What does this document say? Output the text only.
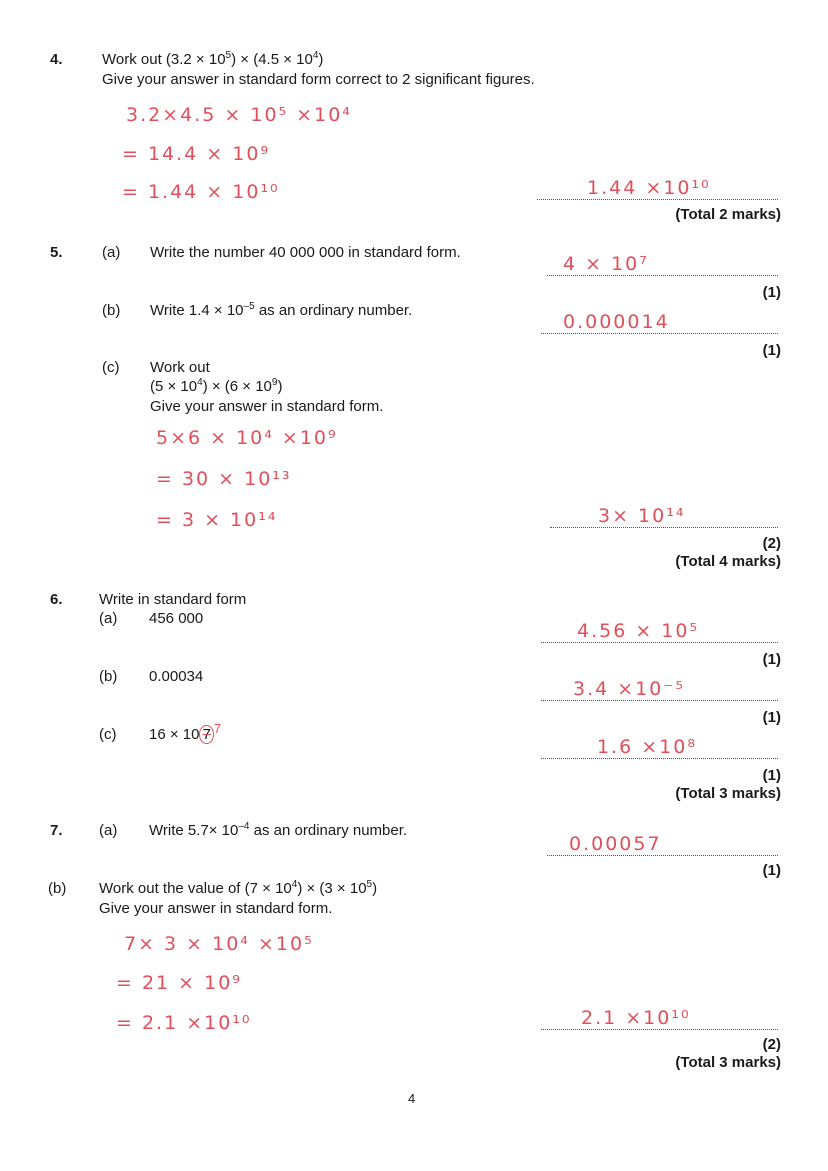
4.	Work out $(3.2 \times 10^5) \times (4.5 \times 10^4)$
Give your answer in standard form correct to 2 significant figures.
3.2×4.5 × 10⁵ ×10⁴
= 14.4 × 10⁹
= 1.44 × 10¹⁰	1.44 ×10¹⁰
(Total 2 marks)
5.	(a) Write the number 40 000 000 in standard form.
4 × 10⁷
(1)
(b) Write $1.4 \times 10^{-5}$ as an ordinary number.
0.000014
(1)
(c) Work out
$(5 \times 10^4) \times (6 \times 10^9)$
Give your answer in standard form.
5×6 × 10⁴ ×10⁹
= 30 × 10¹³
= 3 × 10¹⁴	3× 10¹⁴
(2)
(Total 4 marks)
6. Write in standard form
(a) 456 000
4.56 × 10⁵
(1)
(b) 0.00034
3.4 ×10⁻⁵
(1)
(c) 16 × 10 7 $^7$
1.6 ×10⁸
(1)
(Total 3 marks)
7. (a) Write $5.7\times 10^{-4}$ as an ordinary number.
0.00057
(1)
(b) Work out the value of $(7 \times 10^4) \times (3 \times 10^5)$
Give your answer in standard form.
7× 3 × 10⁴ ×10⁵
= 21 × 10⁹
= 2.1 ×10¹⁰	2.1 ×10¹⁰
(2)
(Total 3 marks)
4
